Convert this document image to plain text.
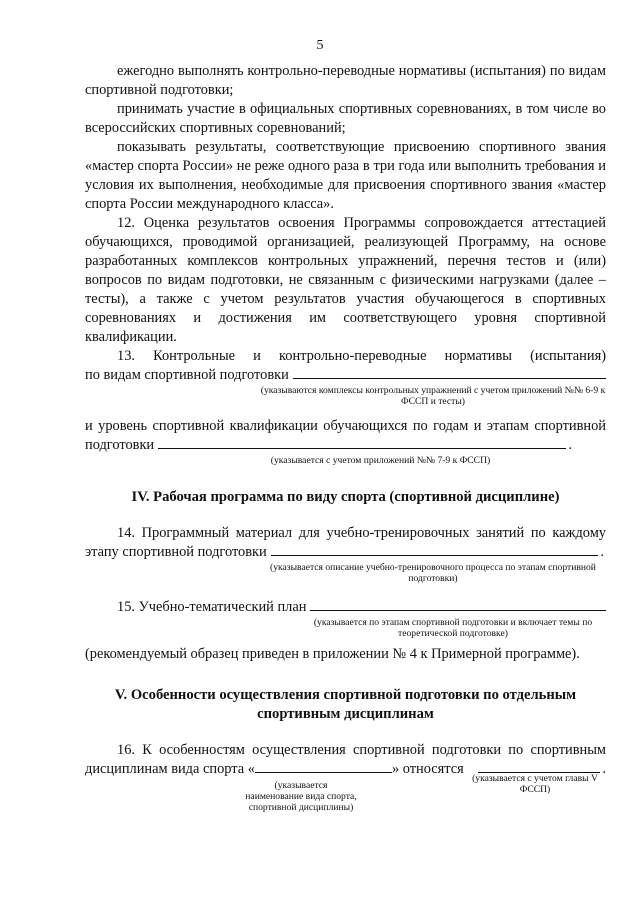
5

ежегодно выполнять контрольно-переводные нормативы (испытания) по видам спортивной подготовки;

принимать участие в официальных спортивных соревнованиях, в том числе во всероссийских спортивных соревнований;

показывать результаты, соответствующие присвоению спортивного звания «мастер спорта России» не реже одного раза в три года или выполнить требования и условия их выполнения, необходимые для присвоения спортивного звания «мастер спорта России международного класса».

12. Оценка результатов освоения Программы сопровождается аттестацией обучающихся, проводимой организацией, реализующей Программу, на основе разработанных комплексов контрольных упражнений, перечня тестов и (или) вопросов по видам подготовки, не связанным с физическими нагрузками (далее – тесты), а также с учетом результатов участия обучающегося в спортивных соревнованиях и достижения им соответствующего уровня спортивной квалификации.

13. Контрольные и контрольно-переводные нормативы (испытания)

по видам спортивной подготовки
(указываются комплексы контрольных упражнений с учетом приложений №№ 6-9 к ФССП и тесты)

и уровень спортивной квалификации обучающихся по годам и этапам спортивной

подготовки	.
(указывается с учетом приложений №№ 7-9 к ФССП)
IV. Рабочая программа по виду спорта (спортивной дисциплине)

14. Программный материал для учебно-тренировочных занятий по каждому

этапу спортивной подготовки	.
(указывается описание учебно-тренировочного процесса по этапам спортивной подготовки)
15. Учебно-тематический план
(указывается по этапам спортивной подготовки и включает темы по теоретической подготовке)

(рекомендуемый образец приведен в приложении № 4 к Примерной программе).

V. Особенности осуществления спортивной подготовки по отдельным
спортивным дисциплинам

16. К особенностям осуществления спортивной подготовки по спортивным

дисциплинам вида спорта «	» относятся	.
(указывается наименование вида спорта, спортивной дисциплины)
(указывается с учетом главы V ФССП)
